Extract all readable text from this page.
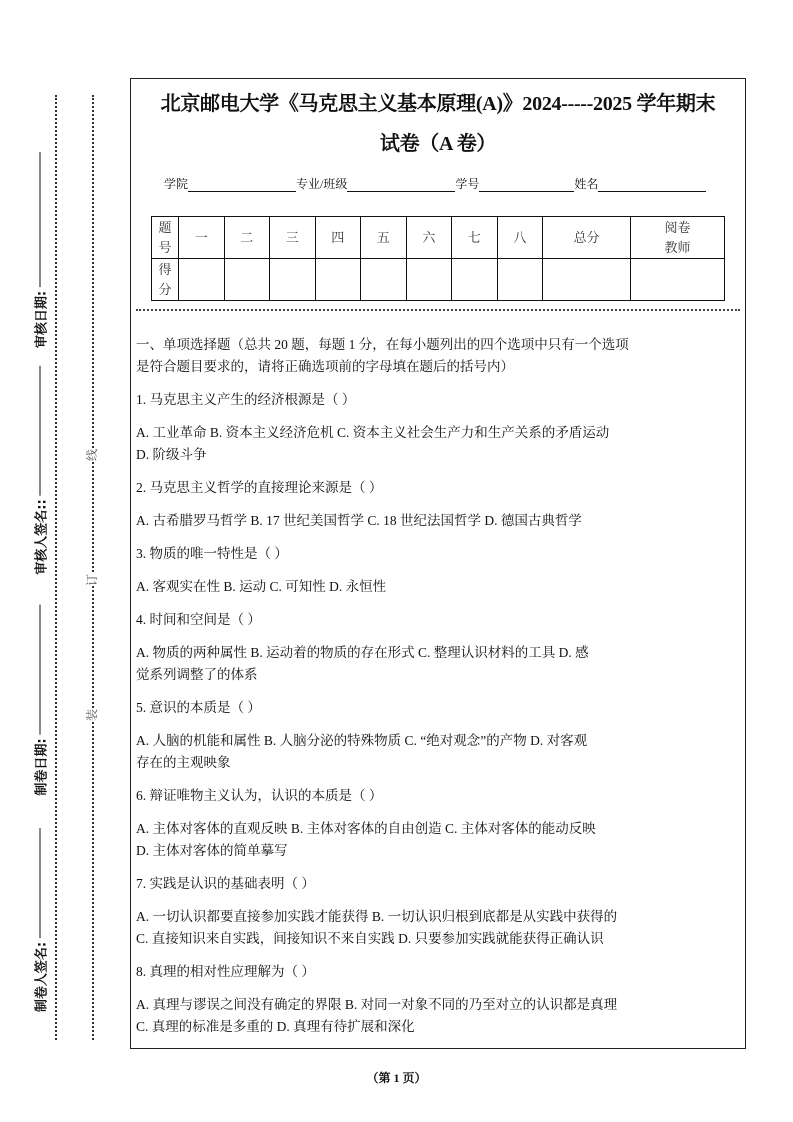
审核日期:
审核人签名::
制卷日期:
制卷人签名:
线
订
装
北京邮电大学《马克思主义基本原理(A)》2024-----2025 学年期末
试卷（A 卷）
学院	专业/班级	学号	姓名
题号	一	二	三	四	五	六	七	八	总分	阅卷教师
得分										

一、单项选择题（总共 20 题，每题 1 分，在每小题列出的四个选项中只有一个选项
是符合题目要求的，请将正确选项前的字母填在题后的括号内）

1. 马克思主义产生的经济根源是（ ）

A. 工业革命 B. 资本主义经济危机 C. 资本主义社会生产力和生产关系的矛盾运动
D. 阶级斗争

2. 马克思主义哲学的直接理论来源是（ ）

A. 古希腊罗马哲学 B. 17 世纪美国哲学 C. 18 世纪法国哲学 D. 德国古典哲学

3. 物质的唯一特性是（ ）

A. 客观实在性 B. 运动 C. 可知性 D. 永恒性

4. 时间和空间是（ ）

A. 物质的两种属性 B. 运动着的物质的存在形式 C. 整理认识材料的工具 D. 感
觉系列调整了的体系

5. 意识的本质是（ ）

A. 人脑的机能和属性 B. 人脑分泌的特殊物质 C. “绝对观念”的产物 D. 对客观
存在的主观映象

6. 辩证唯物主义认为，认识的本质是（ ）

A. 主体对客体的直观反映 B. 主体对客体的自由创造 C. 主体对客体的能动反映
D. 主体对客体的简单摹写

7. 实践是认识的基础表明（ ）

A. 一切认识都要直接参加实践才能获得 B. 一切认识归根到底都是从实践中获得的
C. 直接知识来自实践，间接知识不来自实践 D. 只要参加实践就能获得正确认识

8. 真理的相对性应理解为（ ）

A. 真理与谬误之间没有确定的界限 B. 对同一对象不同的乃至对立的认识都是真理
C. 真理的标准是多重的 D. 真理有待扩展和深化

（第 1 页）
